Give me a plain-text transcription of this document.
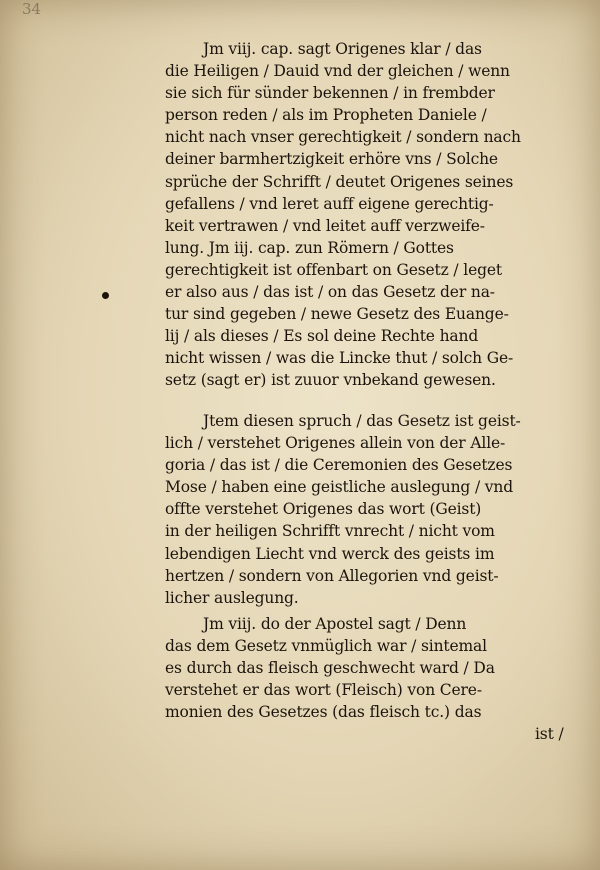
34
Jm viij. cap. sagt Origenes klar / das
die Heiligen / Dauid vnd der gleichen / wenn
sie sich für sünder bekennen / in frembder
person reden / als im Propheten Daniele /
nicht nach vnser gerechtigkeit / sondern nach
deiner barmhertzigkeit erhöre vns / Solche
sprüche der Schrifft / deutet Origenes seines
gefallens / vnd leret auff eigene gerechtig-
keit vertrawen / vnd leitet auff verzweife-
lung. Jm iij. cap. zun Römern / Gottes
gerechtigkeit ist offenbart on Gesetz / leget
er also aus / das ist / on das Gesetz der na-
tur sind gegeben / newe Gesetz des Euange-
lij / als dieses / Es sol deine Rechte hand
nicht wissen / was die Lincke thut / solch Ge-
setz (sagt er) ist zuuor vnbekand gewesen.
Jtem diesen spruch / das Gesetz ist geist-
lich / verstehet Origenes allein von der Alle-
goria / das ist / die Ceremonien des Gesetzes
Mose / haben eine geistliche auslegung / vnd
offte verstehet Origenes das wort (Geist)
in der heiligen Schrifft vnrecht / nicht vom
lebendigen Liecht vnd werck des geists im
hertzen / sondern von Allegorien vnd geist-
licher auslegung.
Jm viij. do der Apostel sagt / Denn
das dem Gesetz vnmüglich war / sintemal
es durch das fleisch geschwecht ward / Da
verstehet er das wort (Fleisch) von Cere-
monien des Gesetzes (das fleisch tc.) das
ist /
